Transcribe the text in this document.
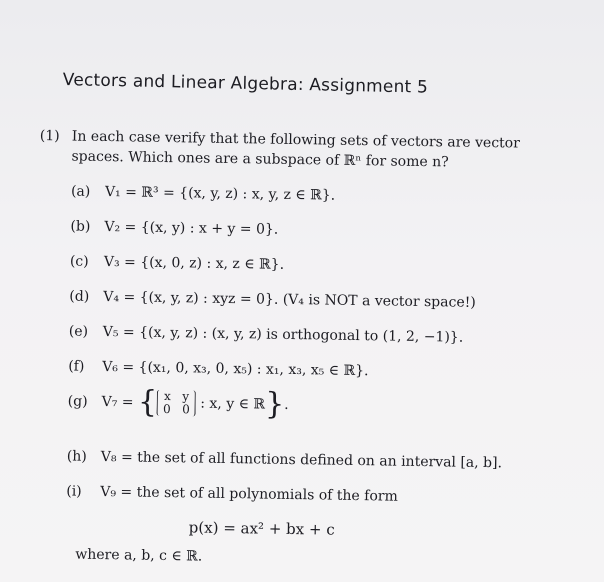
Vectors and Linear Algebra: Assignment 5
(1) In each case verify that the following sets of vectors are vector
spaces. Which ones are a subspace of ℝⁿ for some n?
(a) V₁ = ℝ³ = {(x, y, z) : x, y, z ∈ ℝ}.
(b) V₂ = {(x, y) : x + y = 0}.
(c) V₃ = {(x, 0, z) : x, z ∈ ℝ}.
(d) V₄ = {(x, y, z) : xyz = 0}. (V₄ is NOT a vector space!)
(e) V₅ = {(x, y, z) : (x, y, z) is orthogonal to (1, 2, −1)}.
(f) V₆ = {(x₁, 0, x₃, 0, x₅) : x₁, x₃, x₅ ∈ ℝ}.
(g) V₇ = { x   y
0   0 : x, y ∈ ℝ}.
(h) V₈ = the set of all functions defined on an interval [a, b].
(i) V₉ = the set of all polynomials of the form
p(x) = ax² + bx + c
where a, b, c ∈ ℝ.
